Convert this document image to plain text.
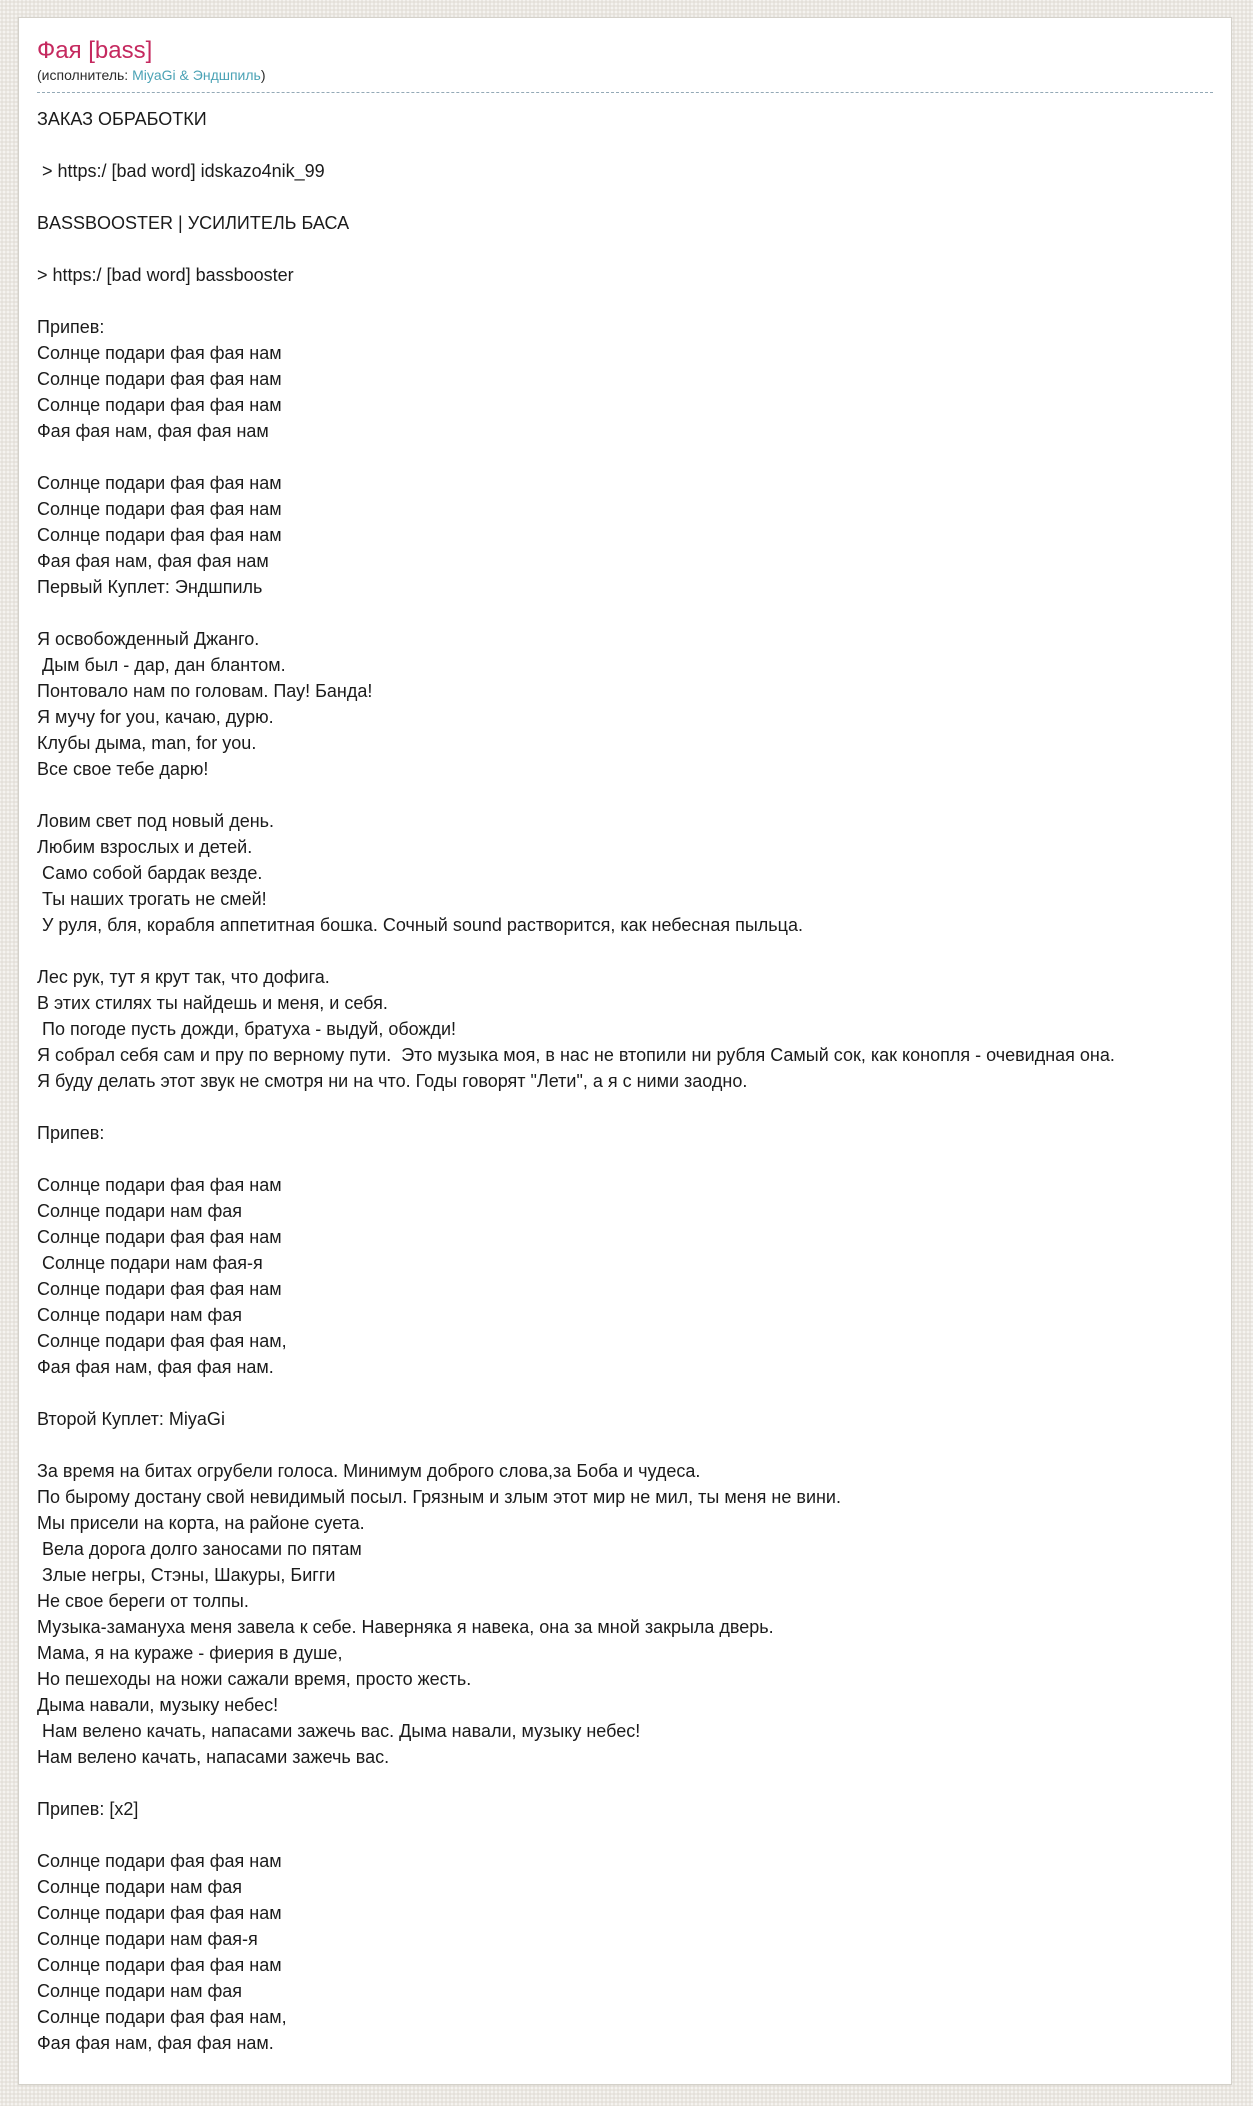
Фая [bass]
(исполнитель: MiyaGi & Эндшпиль)
ЗАКАЗ ОБРАБОТКИ
> https:/ [bad word] idskazo4nik_99
BASSBOOSTER | УСИЛИТЕЛЬ БАСА
> https:/ [bad word] bassbooster
Припев:
Солнце подари фая фая нам
Солнце подари фая фая нам
Солнце подари фая фая нам
Фая фая нам, фая фая нам
Солнце подари фая фая нам
Солнце подари фая фая нам
Солнце подари фая фая нам
Фая фая нам, фая фая нам
Первый Куплет: Эндшпиль
Я освобожденный Джанго.
Дым был - дар, дан блантом.
Понтовало нам по головам. Пау! Банда!
Я мучу for you, качаю, дурю.
Клубы дыма, man, for you.
Все свое тебе дарю!
Ловим свет под новый день.
Любим взрослых и детей.
Само собой бардак везде.
Ты наших трогать не смей!
У руля, бля, корабля аппетитная бошка. Сочный sound растворится, как небесная пыльца.
Лес рук, тут я крут так, что дофига.
В этих стилях ты найдешь и меня, и себя.
По погоде пусть дожди, братуха - выдуй, обожди!
Я собрал себя сам и пру по верному пути.  Это музыка моя, в нас не втопили ни рубля Самый сок, как конопля - очевидная она.
Я буду делать этот звук не смотря ни на что. Годы говорят "Лети", а я с ними заодно.
Припев:
Солнце подари фая фая нам
Солнце подари нам фая
Солнце подари фая фая нам
Солнце подари нам фая-я
Солнце подари фая фая нам
Солнце подари нам фая
Солнце подари фая фая нам,
Фая фая нам, фая фая нам.
Второй Куплет: MiyaGi
За время на битах огрубели голоса. Минимум доброго слова,за Боба и чудеса.
По бырому достану свой невидимый посыл. Грязным и злым этот мир не мил, ты меня не вини.
Мы присели на корта, на районе суета.
Вела дорога долго заносами по пятам
Злые негры, Стэны, Шакуры, Бигги
Не свое береги от толпы.
Музыка-замануха меня завела к себе. Наверняка я навека, она за мной закрыла дверь.
Мама, я на кураже - фиерия в душе,
Но пешеходы на ножи сажали время, просто жесть.
Дыма навали, музыку небес!
Нам велено качать, напасами зажечь вас. Дыма навали, музыку небес!
Нам велено качать, напасами зажечь вас.
Припев: [x2]
Солнце подари фая фая нам
Солнце подари нам фая
Солнце подари фая фая нам
Солнце подари нам фая-я
Солнце подари фая фая нам
Солнце подари нам фая
Солнце подари фая фая нам,
Фая фая нам, фая фая нам.
